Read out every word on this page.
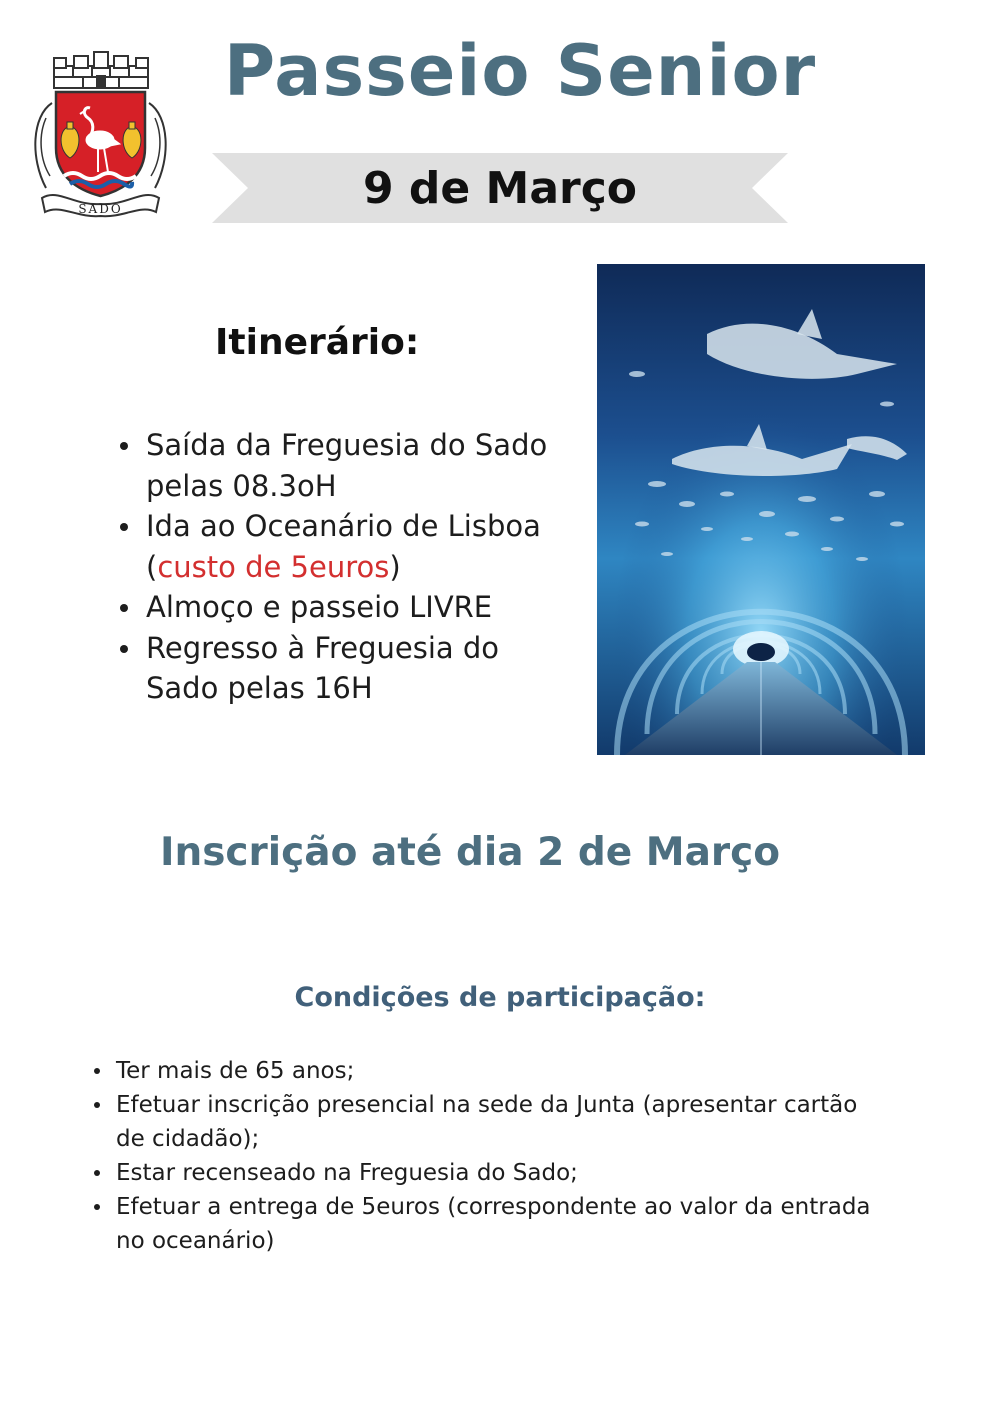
SADO
Passeio Senior
9 de Março
Itinerário:
Saída da Freguesia do Sado pelas 08.3oH
Ida ao Oceanário de Lisboa (custo de 5euros)
Almoço e passeio LIVRE
Regresso à Freguesia do Sado pelas 16H
Inscrição até dia 2 de Março
Condições de participação:
Ter mais de 65 anos;
Efetuar inscrição presencial na sede da Junta (apresentar cartão de cidadão);
Estar recenseado na Freguesia do Sado;
Efetuar a entrega de 5euros (correspondente ao valor da entrada no oceanário)
